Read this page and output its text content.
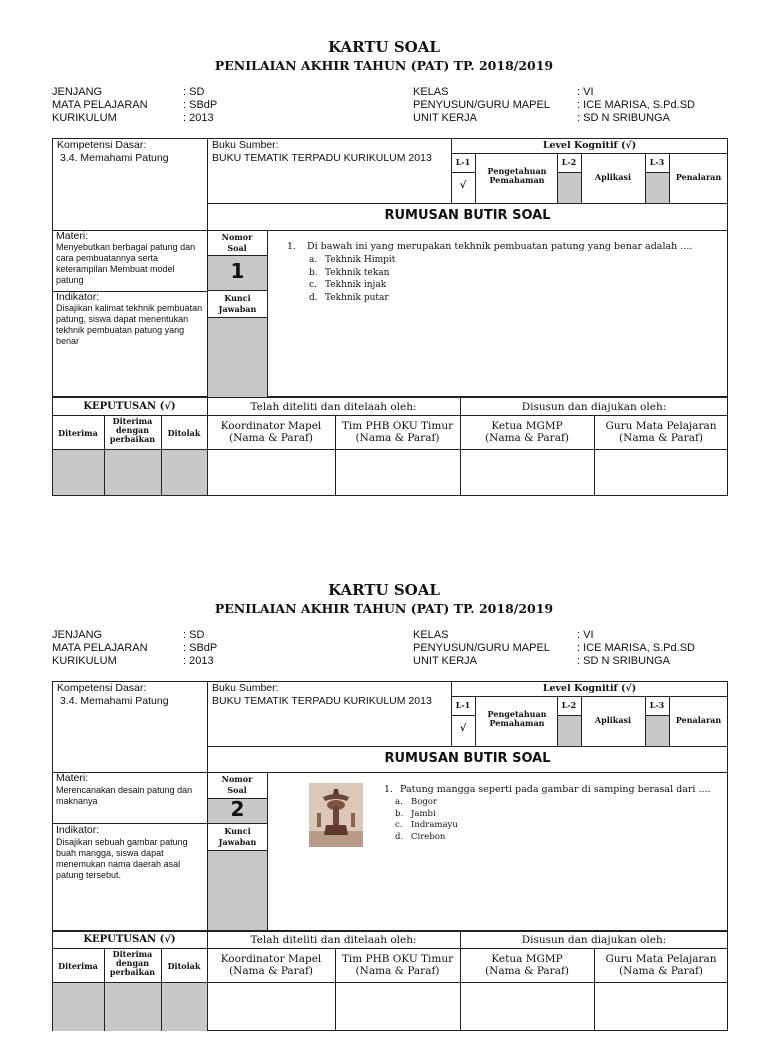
KARTU SOAL
PENILAIAN AKHIR TAHUN (PAT) TP. 2018/2019
JENJANG
MATA PELAJARAN
KURIKULUM
: SD
: SBdP
: 2013
KELAS
PENYUSUN/GURU MAPEL
UNIT KERJA
: VI
: ICE MARISA, S.Pd.SD
: SD N SRIBUNGA
Kompetensi Dasar:
3.4. Memahami Patung
Buku Sumber:
BUKU TEMATIK TERPADU KURIKULUM 2013
Level Kognitif (√)
L-1
√
Pengetahuan Pemahaman
L-2
Aplikasi
L-3
Penalaran
RUMUSAN BUTIR SOAL
Materi:
Menyebutkan berbagai patung dan cara pembuatannya serta keterampilan Membuat model patung
Indikator:
Disajikan kalimat tekhnik pembuatan patung, siswa dapat menentukan tekhnik pembuatan patung yang benar
Nomor Soal
1
Kunci Jawaban
1. Di bawah ini yang merupakan tekhnik pembuatan patung yang benar adalah ....
a. Tekhnik Himpit
b. Tekhnik tekan
c. Tekhnik injak
d. Tekhnik putar
KEPUTUSAN (√)
Diterima
Diterima dengan perbaikan
Ditolak
Telah diteliti dan ditelaah oleh:	Disusun dan diajukan oleh:
Koordinator Mapel
(Nama & Paraf)
Tim PHB OKU Timur
(Nama & Paraf)
Ketua MGMP
(Nama & Paraf)
Guru Mata Pelajaran
(Nama & Paraf)
KARTU SOAL
PENILAIAN AKHIR TAHUN (PAT) TP. 2018/2019
JENJANG
MATA PELAJARAN
KURIKULUM
: SD
: SBdP
: 2013
KELAS
PENYUSUN/GURU MAPEL
UNIT KERJA
: VI
: ICE MARISA, S.Pd.SD
: SD N SRIBUNGA
Kompetensi Dasar:
3.4. Memahami Patung
Buku Sumber:
BUKU TEMATIK TERPADU KURIKULUM 2013
Level Kognitif (√)
L-1
√
Pengetahuan Pemahaman
L-2
Aplikasi
L-3
Penalaran
RUMUSAN BUTIR SOAL
Materi:
Merencanakan desain patung dan maknanya
Indikator:
Disajikan sebuah gambar patung buah mangga, siswa dapat menemukan nama daerah asal patung tersebut.
Nomor Soal
2
Kunci Jawaban
1. Patung mangga seperti pada gambar di samping berasal dari ....
a. Bogor
b. Jambi
c. Indramayu
d. Cirebon
KEPUTUSAN (√)
Diterima
Diterima dengan perbaikan
Ditolak
Telah diteliti dan ditelaah oleh:	Disusun dan diajukan oleh:
Koordinator Mapel
(Nama & Paraf)
Tim PHB OKU Timur
(Nama & Paraf)
Ketua MGMP
(Nama & Paraf)
Guru Mata Pelajaran
(Nama & Paraf)
